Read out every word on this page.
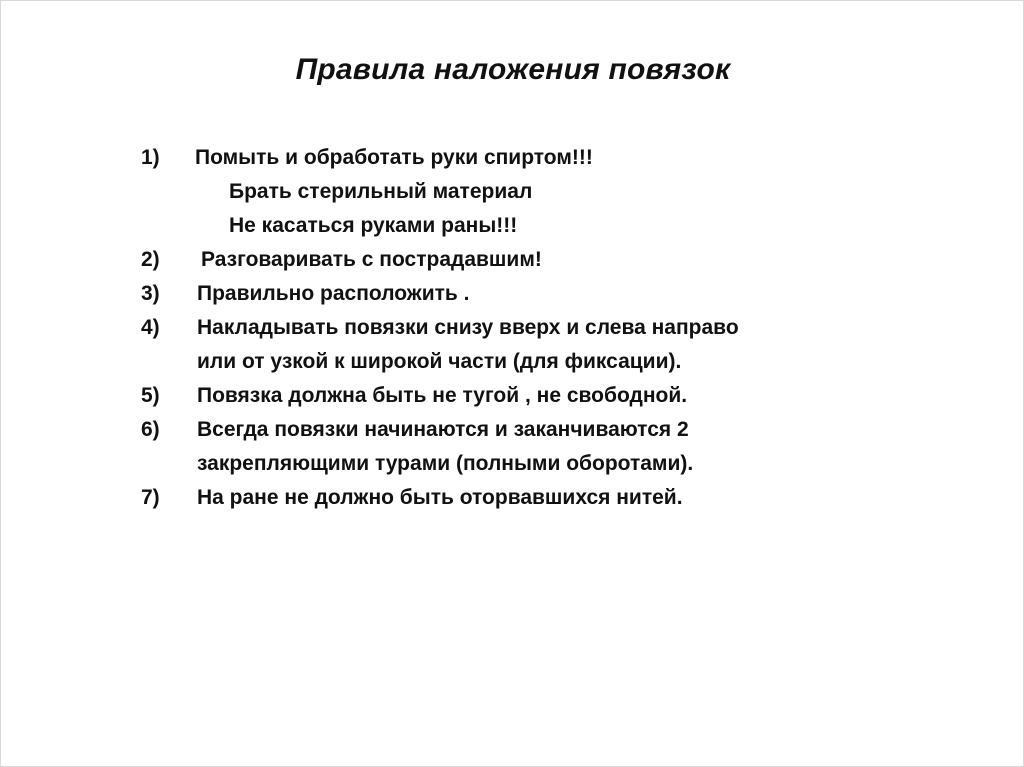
Правила наложения повязок
1) Помыть и обработать руки спиртом!!!
Брать стерильный материал
Не касаться руками раны!!!
2) Разговаривать с пострадавшим!
3) Правильно расположить .
4) Накладывать повязки снизу вверх и слева направо
или от узкой к широкой части (для фиксации).
5) Повязка должна быть не тугой , не свободной.
6) Всегда повязки начинаются и заканчиваются 2
закрепляющими турами (полными оборотами).
7) На ране не должно быть оторвавшихся нитей.
